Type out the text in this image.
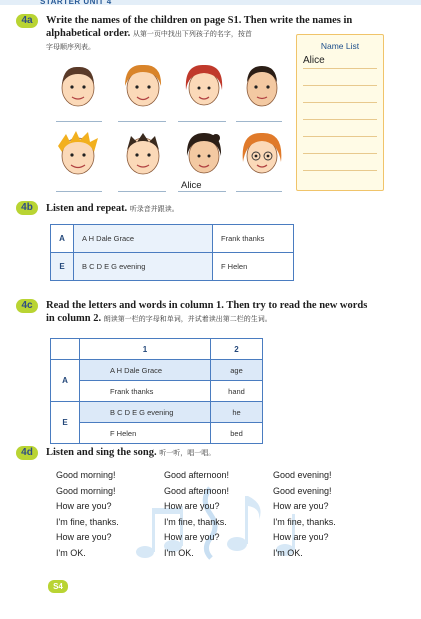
STARTER UNIT 4
4a	Write the names of the children on page S1. Then write the names in
alphabetical order. 从第一页中找出下列孩子的名字，按首
字母顺序列表。
Alice
Name List
Alice
4b	Listen and repeat. 听录音并跟读。
A	A H Dale Grace	Frank thanks
E	B C D E G evening	F Helen
4c	Read the letters and words in column 1. Then try to read the new words
in column 2. 朗读第一栏的字母和单词，并试着读出第二栏的生词。
	1	2
A	A H Dale Grace	age
	Frank thanks	hand
E	B C D E G evening	he
	F Helen	bed
4d	Listen and sing the song. 听一听，唱一唱。
Good morning!
Good morning!
How are you?
I'm fine, thanks.
How are you?
I'm OK.
Good afternoon!
Good afternoon!
How are you?
I'm fine, thanks.
How are you?
I'm OK.
Good evening!
Good evening!
How are you?
I'm fine, thanks.
How are you?
I'm OK.
S4
